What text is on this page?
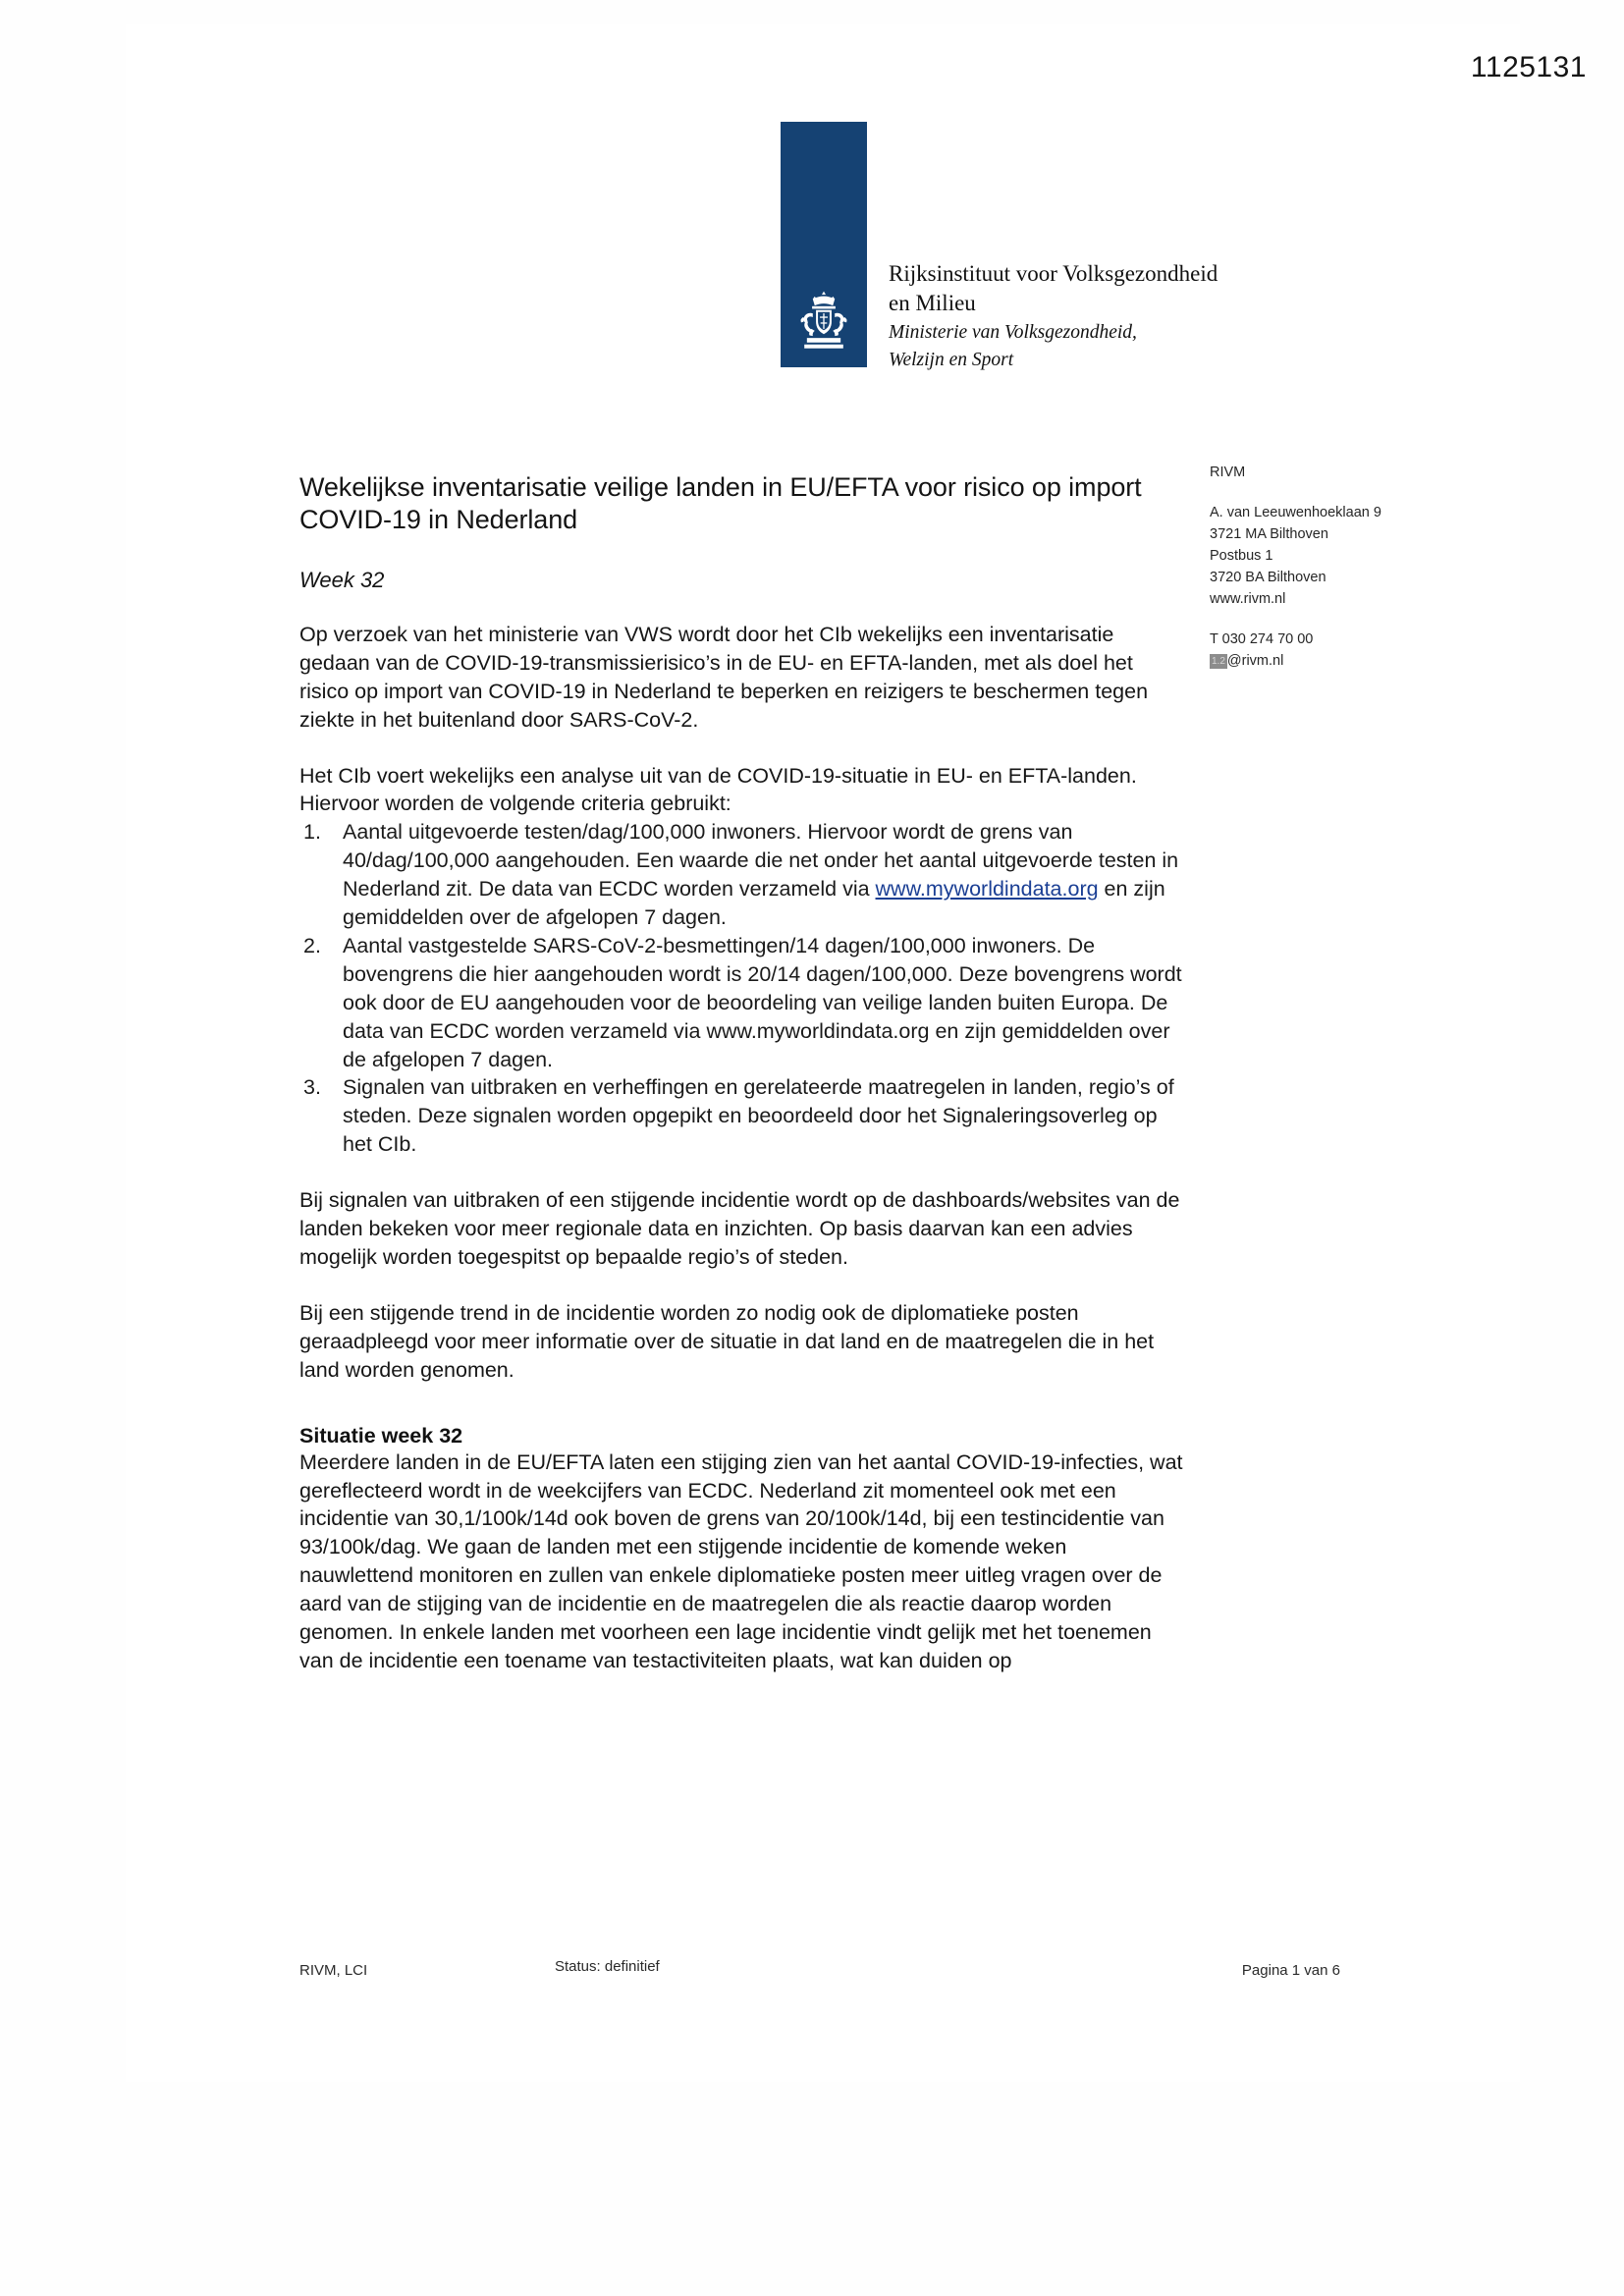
1125131
Rijksinstituut voor Volksgezondheid
en Milieu
Ministerie van Volksgezondheid,
Welzijn en Sport
Wekelijkse inventarisatie veilige landen in EU/EFTA voor risico op import COVID-19 in Nederland
Week 32

Op verzoek van het ministerie van VWS wordt door het CIb wekelijks een inventarisatie gedaan van de COVID-19-transmissierisico’s in de EU- en EFTA-landen, met als doel het risico op import van COVID-19 in Nederland te beperken en reizigers te beschermen tegen ziekte in het buitenland door SARS-CoV-2.

Het CIb voert wekelijks een analyse uit van de COVID-19-situatie in EU- en EFTA-landen. Hiervoor worden de volgende criteria gebruikt:

1.	Aantal uitgevoerde testen/dag/100,000 inwoners. Hiervoor wordt de grens van 40/dag/100,000 aangehouden. Een waarde die net onder het aantal uitgevoerde testen in Nederland zit. De data van ECDC worden verzameld via www.myworldindata.org en zijn gemiddelden over de afgelopen 7 dagen.
2.	Aantal vastgestelde SARS-CoV-2-besmettingen/14 dagen/100,000 inwoners. De bovengrens die hier aangehouden wordt is 20/14 dagen/100,000. Deze bovengrens wordt ook door de EU aangehouden voor de beoordeling van veilige landen buiten Europa. De data van ECDC worden verzameld via www.myworldindata.org en zijn gemiddelden over de afgelopen 7 dagen.
3.	Signalen van uitbraken en verheffingen en gerelateerde maatregelen in landen, regio’s of steden. Deze signalen worden opgepikt en beoordeeld door het Signaleringsoverleg op het CIb.

Bij signalen van uitbraken of een stijgende incidentie wordt op de dashboards/websites van de landen bekeken voor meer regionale data en inzichten. Op basis daarvan kan een advies mogelijk worden toegespitst op bepaalde regio’s of steden.

Bij een stijgende trend in de incidentie worden zo nodig ook de diplomatieke posten geraadpleegd voor meer informatie over de situatie in dat land en de maatregelen die in het land worden genomen.

Situatie week 32

Meerdere landen in de EU/EFTA laten een stijging zien van het aantal COVID-19-infecties, wat gereflecteerd wordt in de weekcijfers van ECDC. Nederland zit momenteel ook met een incidentie van 30,1/100k/14d ook boven de grens van 20/100k/14d, bij een testincidentie van 93/100k/dag. We gaan de landen met een stijgende incidentie de komende weken nauwlettend monitoren en zullen van enkele diplomatieke posten meer uitleg vragen over de aard van de stijging van de incidentie en de maatregelen die als reactie daarop worden genomen. In enkele landen met voorheen een lage incidentie vindt gelijk met het toenemen van de incidentie een toename van testactiviteiten plaats, wat kan duiden op

RIVM
A. van Leeuwenhoeklaan 9
3721 MA Bilthoven
Postbus 1
3720 BA Bilthoven
www.rivm.nl
T 030 274 70 00
1.2 @rivm.nl
RIVM, LCI	Status: definitief	Pagina 1 van 6
